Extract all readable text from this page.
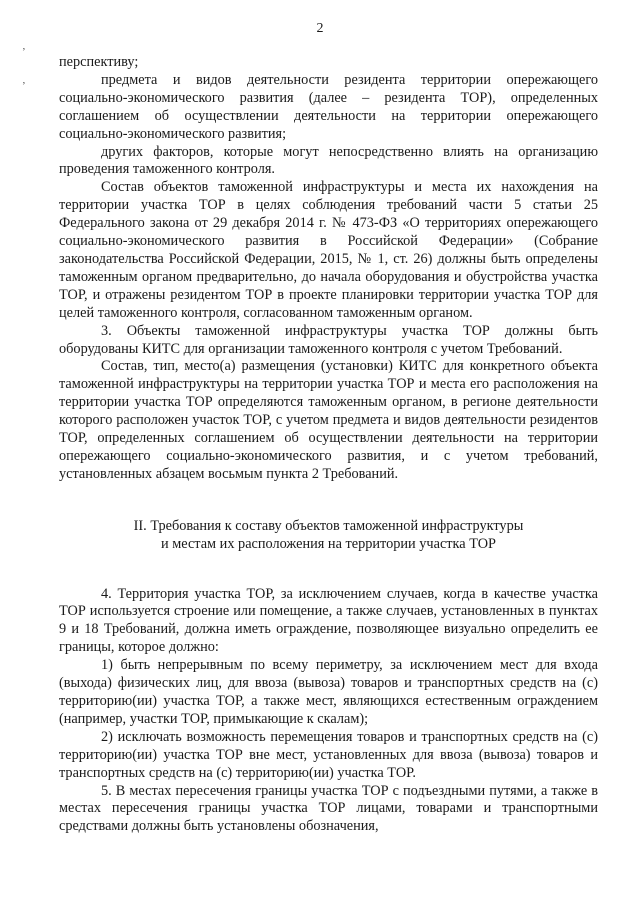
2
‚
‚

перспективу;

предмета и видов деятельности резидента территории опережающего социально-экономического развития (далее – резидента ТОР), определенных соглашением об осуществлении деятельности на территории опережающего социально-экономического развития;

других факторов, которые могут непосредственно влиять на организацию проведения таможенного контроля.

Состав объектов таможенной инфраструктуры и места их нахождения на территории участка ТОР в целях соблюдения требований части 5 статьи 25 Федерального закона от 29 декабря 2014 г. № 473-ФЗ «О территориях опережающего социально-экономического развития в Российской Федерации» (Собрание законодательства Российской Федерации, 2015, № 1, ст. 26) должны быть определены таможенным органом предварительно, до начала оборудования и обустройства участка ТОР, и отражены резидентом ТОР в проекте планировки территории участка ТОР для целей таможенного контроля, согласованном таможенным органом.

3. Объекты таможенной инфраструктуры участка ТОР должны быть оборудованы КИТС для организации таможенного контроля с учетом Требований.

Состав, тип, место(а) размещения (установки) КИТС для конкретного объекта таможенной инфраструктуры на территории участка ТОР и места его расположения на территории участка ТОР определяются таможенным органом, в регионе деятельности которого расположен участок ТОР, с учетом предмета и видов деятельности резидентов ТОР, определенных соглашением об осуществлении деятельности на территории опережающего социально-экономического развития, и с учетом требований, установленных абзацем восьмым пункта 2 Требований.

II. Требования к составу объектов таможенной инфраструктуры
и местам их расположения на территории участка ТОР

4. Территория участка ТОР, за исключением случаев, когда в качестве участка ТОР используется строение или помещение, а также случаев, установленных в пунктах 9 и 18 Требований, должна иметь ограждение, позволяющее визуально определить ее границы, которое должно:

1) быть непрерывным по всему периметру, за исключением мест для входа (выхода) физических лиц, для ввоза (вывоза) товаров и транспортных средств на (с) территорию(ии) участка ТОР, а также мест, являющихся естественным ограждением (например, участки ТОР, примыкающие к скалам);

2) исключать возможность перемещения товаров и транспортных средств на (с) территорию(ии) участка ТОР вне мест, установленных для ввоза (вывоза) товаров и транспортных средств на (с) территорию(ии) участка ТОР.

5. В местах пересечения границы участка ТОР с подъездными путями, а также в местах пересечения границы участка ТОР лицами, товарами и транспортными средствами должны быть установлены обозначения,
